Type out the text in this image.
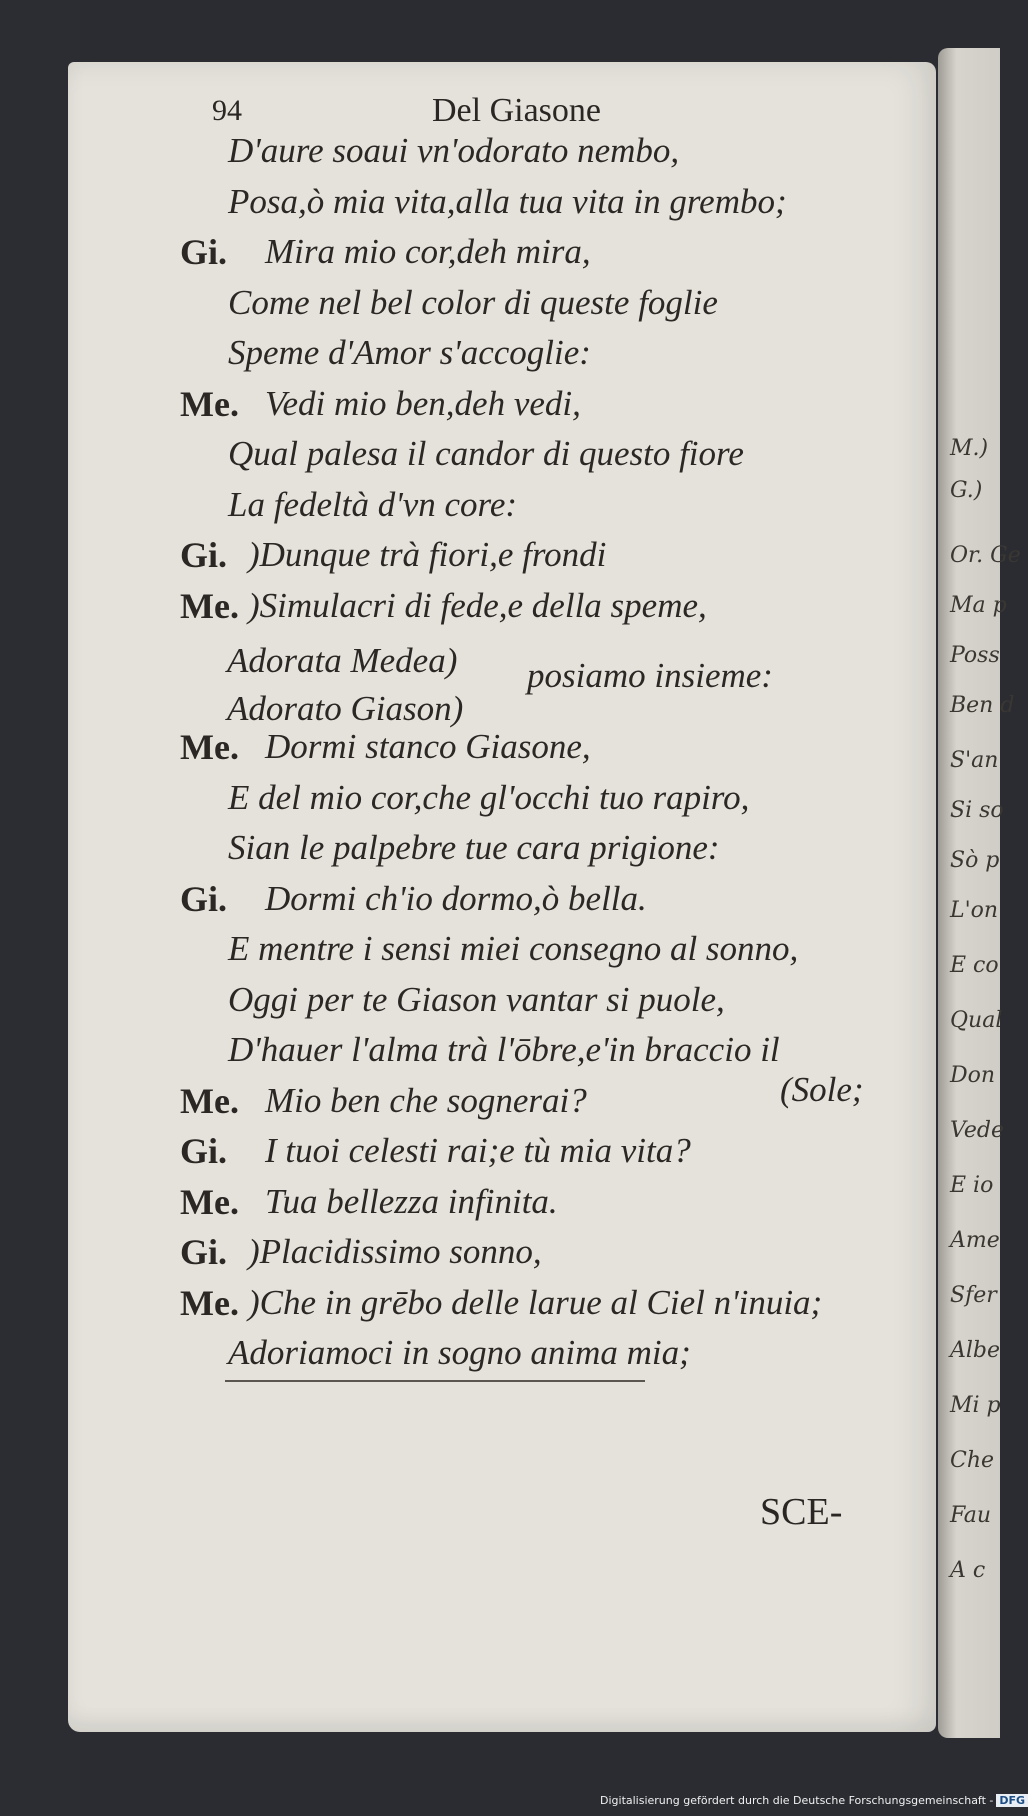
M.)
G.)
Or. Ge
Ma p
Poss
Ben d
S'an
Si so
Sò p
L'on
E co
Qual
Don
Vede
E io
Ame
Sfer
Albe
Mi p
Che
Fau
A c
94	Del Giasone
D'aure soaui vn'odorato nembo,
Posa,ò mia vita,alla tua vita in grembo;
Gi. Mira mio cor,deh mira,
Come nel bel color di queste foglie
Speme d'Amor s'accoglie:
Me. Vedi mio ben,deh vedi,
Qual palesa il candor di questo fiore
La fedeltà d'vn core:
Gi. )Dunque trà fiori,e frondi
Me. )Simulacri di fede,e della speme,
Adorata Medea)
Adorato Giason)
posiamo insieme:
Me. Dormi stanco Giasone,
E del mio cor,che gl'occhi tuo rapiro,
Sian le palpebre tue cara prigione:
Gi. Dormi ch'io dormo,ò bella.
E mentre i sensi miei consegno al sonno,
Oggi per te Giason vantar si puole,
D'hauer l'alma trà l'ōbre,e'in braccio il
Me. Mio ben che sognerai?
Gi. I tuoi celesti rai;e tù mia vita?
Me. Tua bellezza infinita.
Gi. )Placidissimo sonno,
Me. )Che in grēbo delle larue al Ciel n'inuia;
Adoriamoci in sogno anima mia;
(Sole;
SCE-
Digitalisierung gefördert durch die Deutsche Forschungsgemeinschaft - DFG
